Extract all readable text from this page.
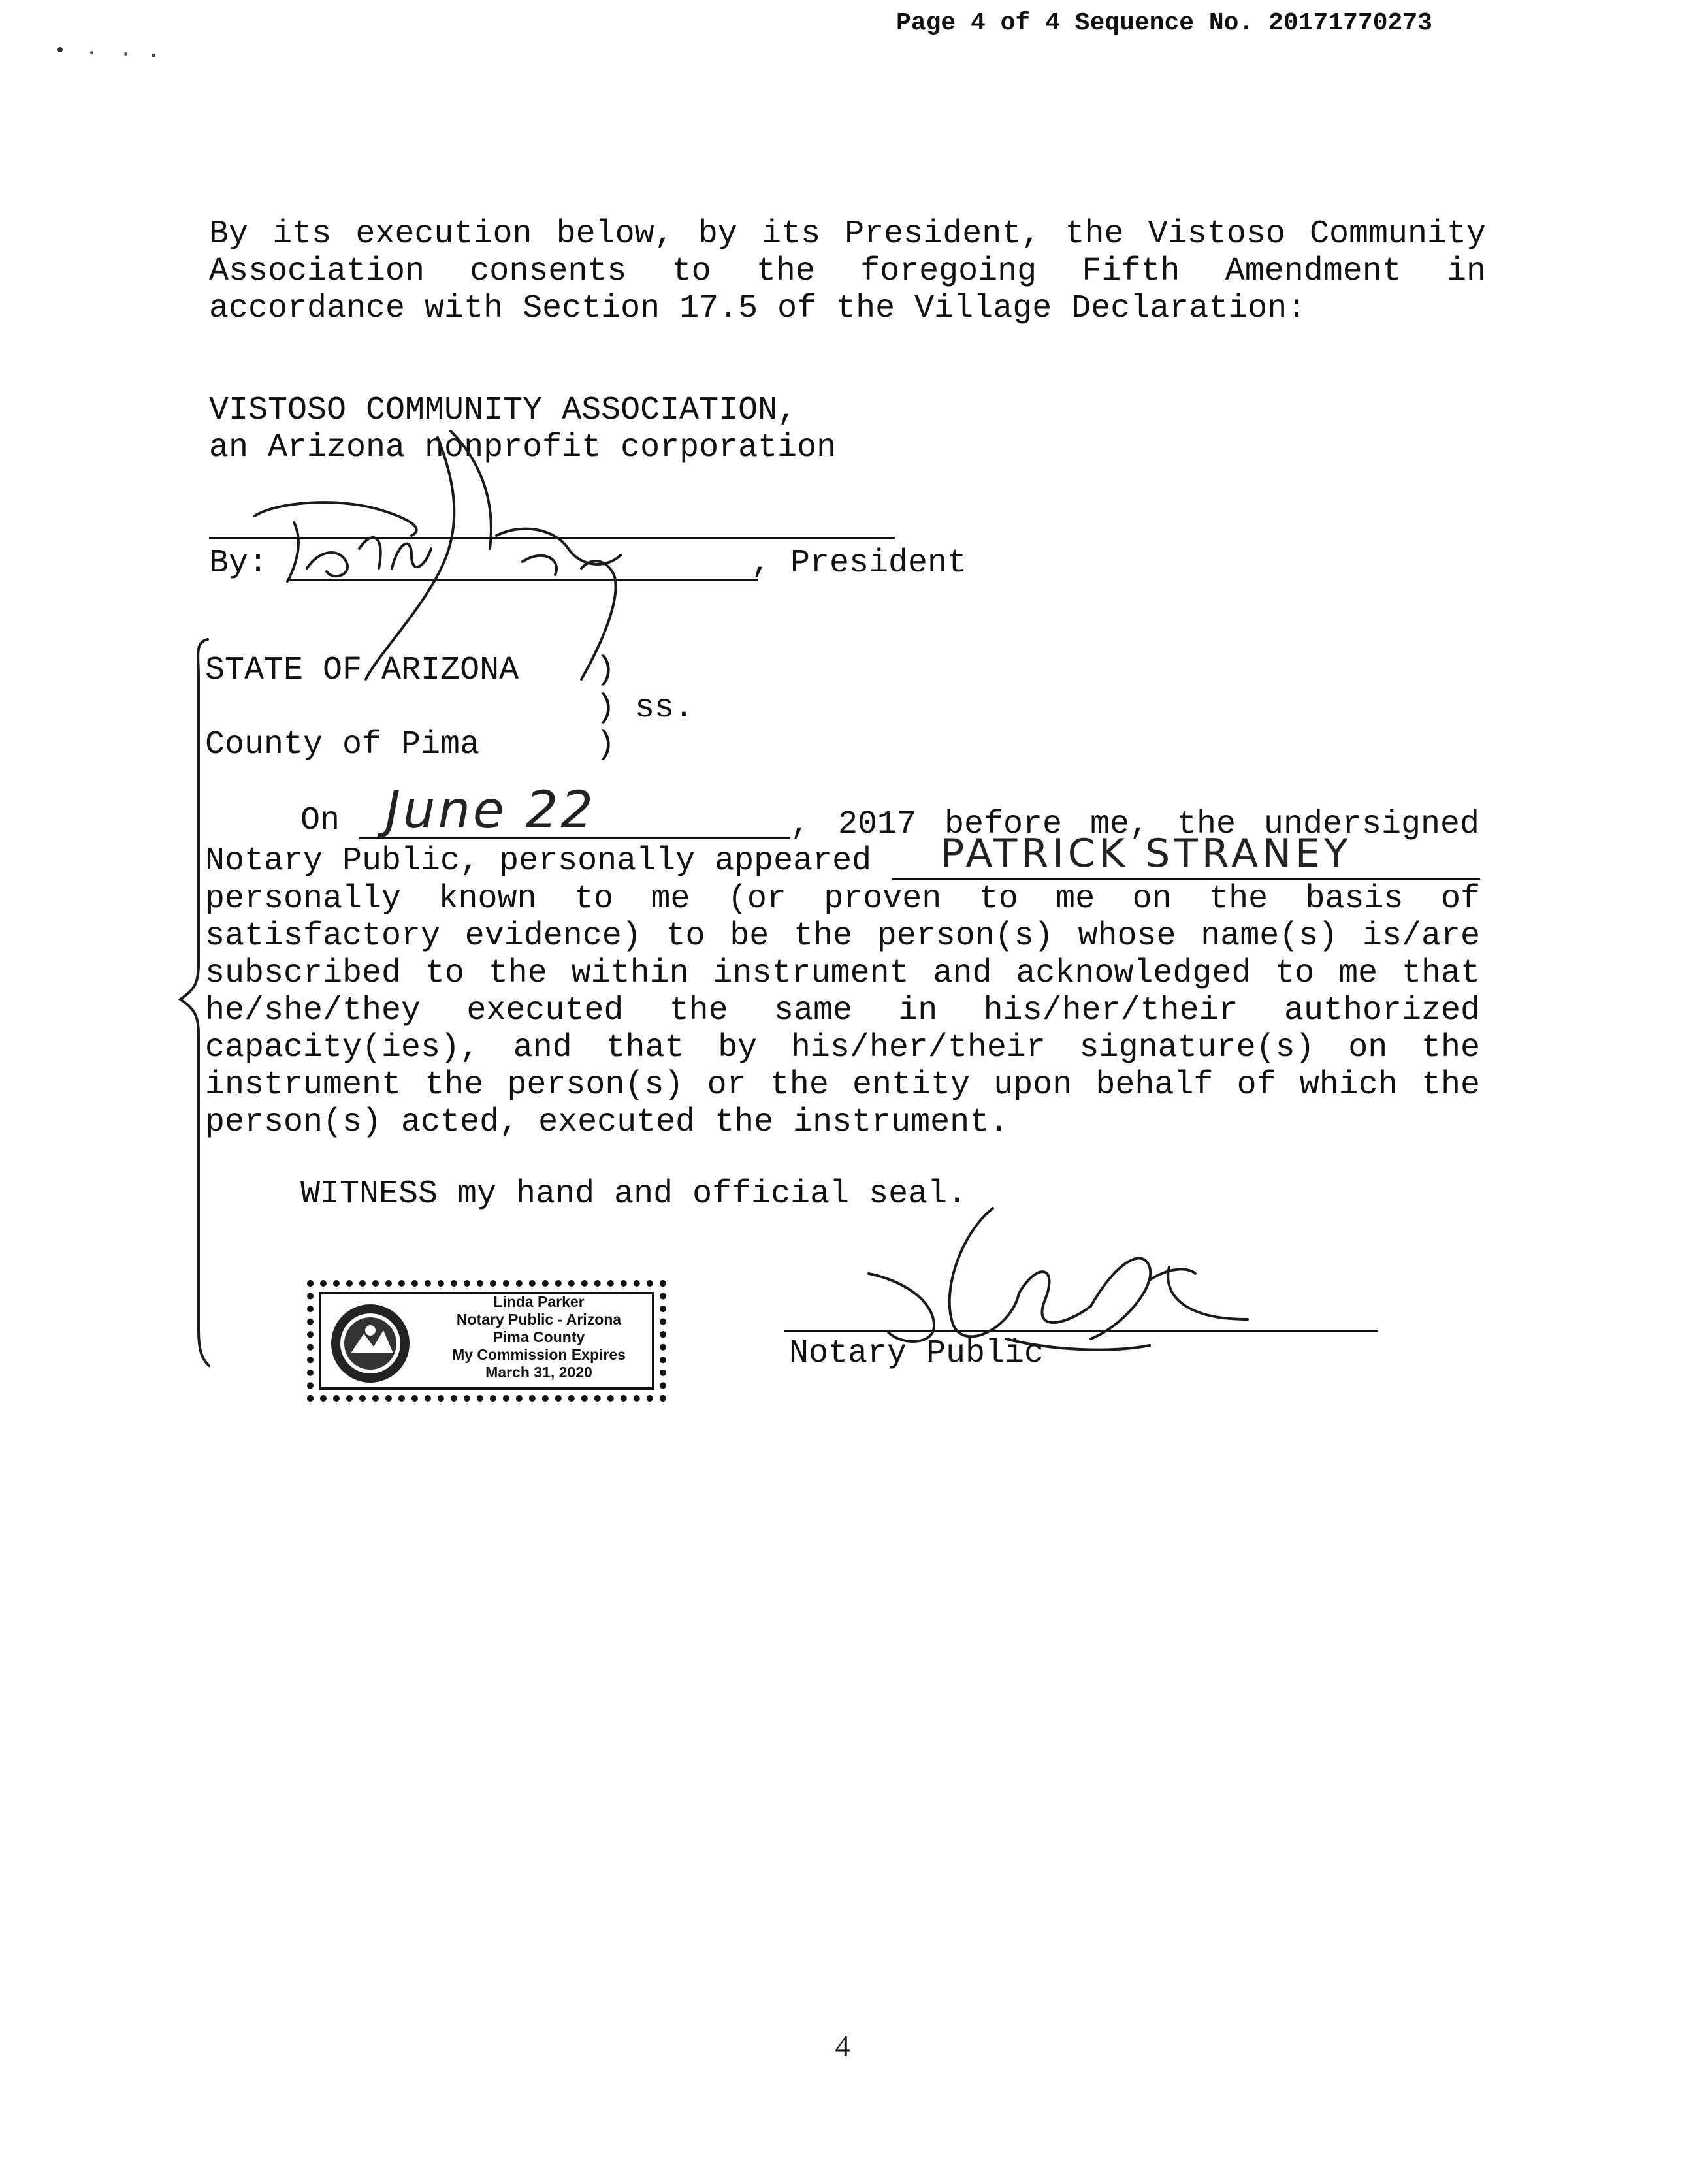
Page 4 of 4 Sequence No. 20171770273
By its execution below, by its President, the Vistoso Community
Association consents to the foregoing Fifth Amendment in
accordance with Section 17.5 of the Village Declaration:
VISTOSO COMMUNITY ASSOCIATION,
an Arizona nonprofit corporation
By:	, President
STATE OF ARIZONA )
) ss.
County of Pima	)
On June 22	, 2017 before me, the undersigned
Notary Public, personally appeared PATRICK STRANEY
personally known to me (or proven to me on the basis of
satisfactory evidence) to be the person(s) whose name(s) is/are
subscribed to the within instrument and acknowledged to me that
he/she/they executed the same in his/her/their authorized
capacity(ies), and that by his/her/their signature(s) on the
instrument the person(s) or the entity upon behalf of which the
person(s) acted, executed the instrument.
WITNESS my hand and official seal.
Linda Parker
Notary Public - Arizona
Pima County
My Commission Expires
March 31, 2020	Notary Public
4
